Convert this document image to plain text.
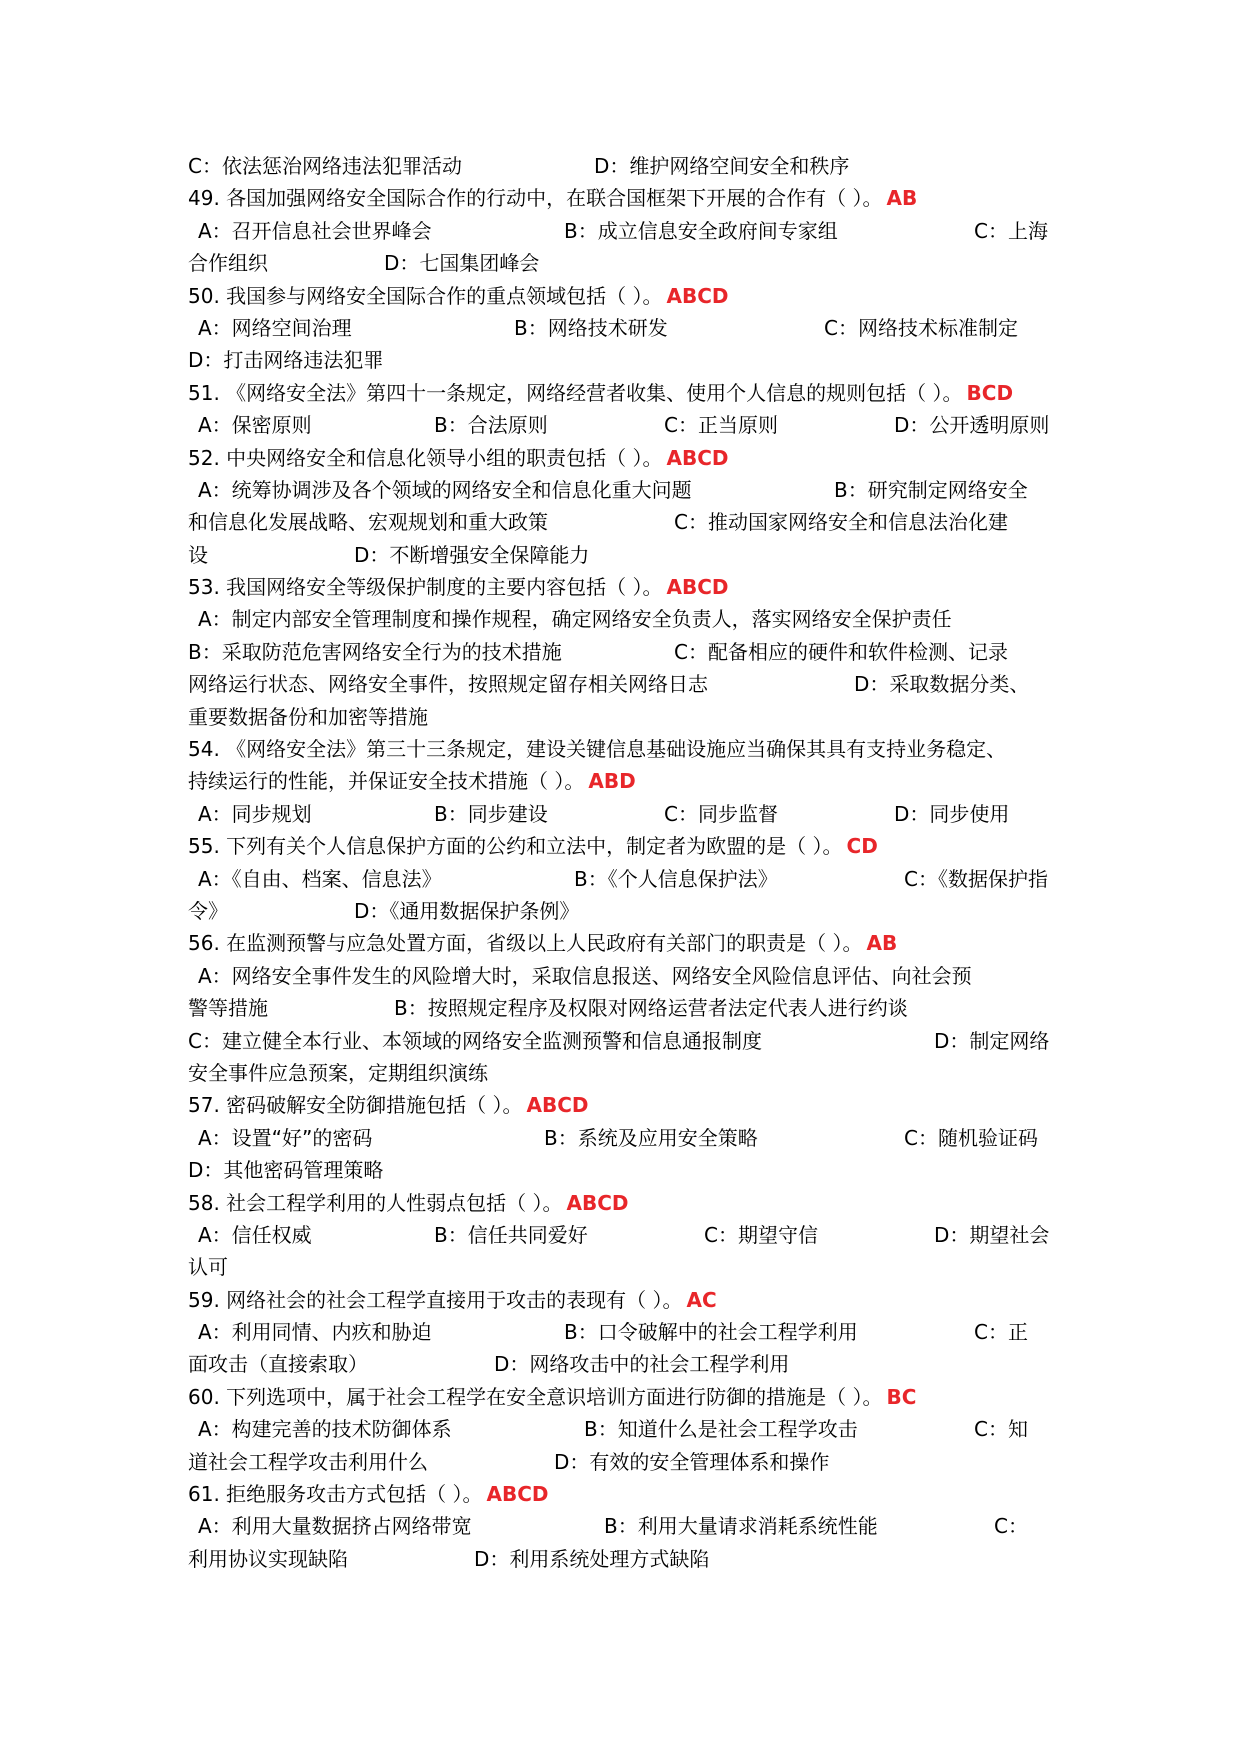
C：依法惩治网络违法犯罪活动	D：维护网络空间安全和秩序
49. 各国加强网络安全国际合作的行动中，在联合国框架下开展的合作有（ ）。 AB
A：召开信息社会世界峰会	B：成立信息安全政府间专家组	C：上海
合作组织	D：七国集团峰会
50. 我国参与网络安全国际合作的重点领域包括（ ）。 ABCD
A：网络空间治理	B：网络技术研发	C：网络技术标准制定
D：打击网络违法犯罪
51. 《网络安全法》第四十一条规定，网络经营者收集、使用个人信息的规则包括（ ）。 BCD
A：保密原则	B：合法原则	C：正当原则	D：公开透明原则
52. 中央网络安全和信息化领导小组的职责包括（ ）。 ABCD
A：统筹协调涉及各个领域的网络安全和信息化重大问题	B：研究制定网络安全
和信息化发展战略、宏观规划和重大政策	C：推动国家网络安全和信息法治化建
设	D：不断增强安全保障能力
53. 我国网络安全等级保护制度的主要内容包括（ ）。 ABCD
A：制定内部安全管理制度和操作规程，确定网络安全负责人，落实网络安全保护责任
B：采取防范危害网络安全行为的技术措施	C：配备相应的硬件和软件检测、记录
网络运行状态、网络安全事件，按照规定留存相关网络日志	D：采取数据分类、
重要数据备份和加密等措施
54. 《网络安全法》第三十三条规定，建设关键信息基础设施应当确保其具有支持业务稳定、
持续运行的性能，并保证安全技术措施（ ）。 ABD
A：同步规划	B：同步建设	C：同步监督	D：同步使用
55. 下列有关个人信息保护方面的公约和立法中，制定者为欧盟的是（ ）。 CD
A：《自由、档案、信息法》	B：《个人信息保护法》	C：《数据保护指
令》	D：《通用数据保护条例》
56. 在监测预警与应急处置方面，省级以上人民政府有关部门的职责是（ ）。 AB
A：网络安全事件发生的风险增大时，采取信息报送、网络安全风险信息评估、向社会预
警等措施	B：按照规定程序及权限对网络运营者法定代表人进行约谈
C：建立健全本行业、本领域的网络安全监测预警和信息通报制度	D：制定网络
安全事件应急预案，定期组织演练
57. 密码破解安全防御措施包括（ ）。 ABCD
A：设置“好”的密码	B：系统及应用安全策略	C：随机验证码
D：其他密码管理策略
58. 社会工程学利用的人性弱点包括（ ）。 ABCD
A：信任权威	B：信任共同爱好	C：期望守信	D：期望社会
认可
59. 网络社会的社会工程学直接用于攻击的表现有（ ）。 AC
A：利用同情、内疚和胁迫	B：口令破解中的社会工程学利用	C：正
面攻击（直接索取）	D：网络攻击中的社会工程学利用
60. 下列选项中，属于社会工程学在安全意识培训方面进行防御的措施是（ ）。 BC
A：构建完善的技术防御体系	B：知道什么是社会工程学攻击	C：知
道社会工程学攻击利用什么	D：有效的安全管理体系和操作
61. 拒绝服务攻击方式包括（ ）。 ABCD
A：利用大量数据挤占网络带宽	B：利用大量请求消耗系统性能	C：
利用协议实现缺陷	D：利用系统处理方式缺陷
